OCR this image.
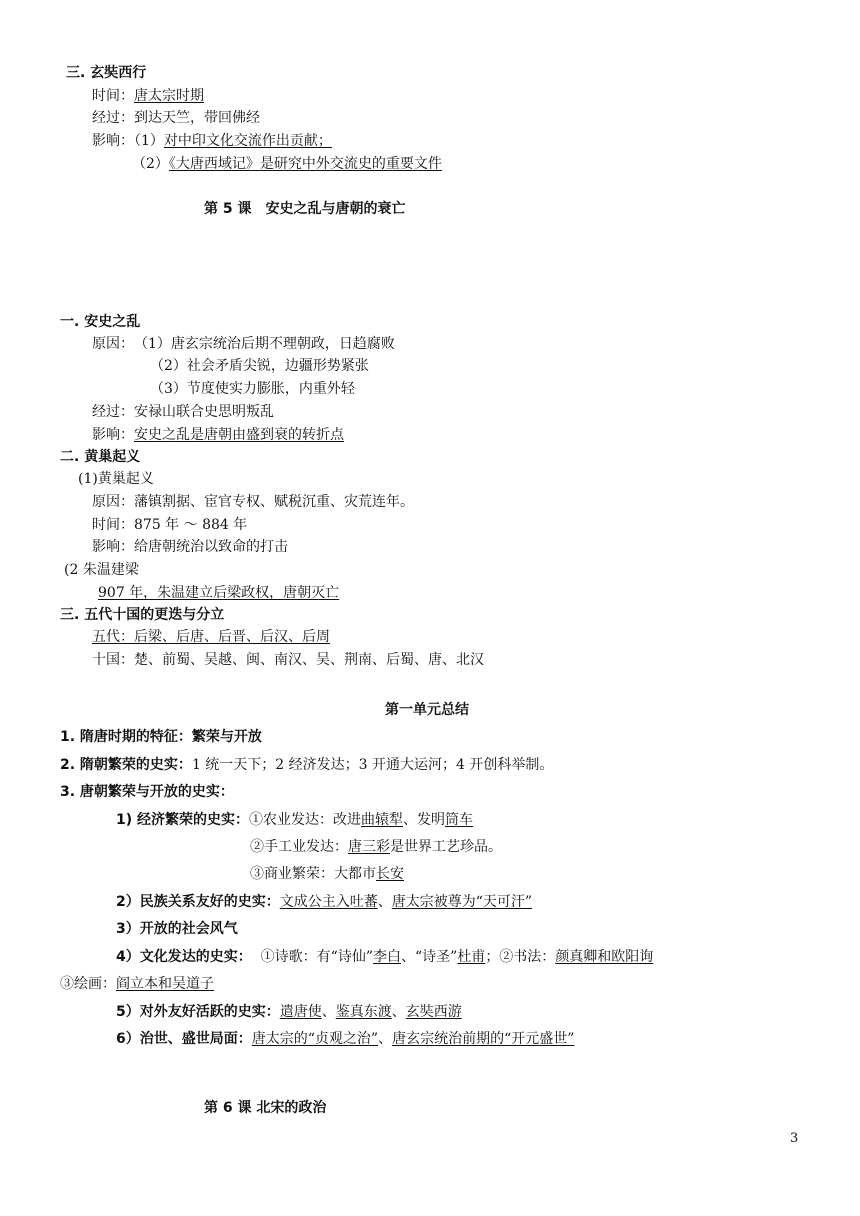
三. 玄奘西行
时间：唐太宗时期
经过：到达天竺，带回佛经
影响：（1）对中印文化交流作出贡献；
（2）《大唐西域记》是研究中外交流史的重要文件
第 5 课　安史之乱与唐朝的衰亡
一. 安史之乱
原因：　（1）唐玄宗统治后期不理朝政，日趋腐败
（2）社会矛盾尖锐，边疆形势紧张
（3）节度使实力膨胀，内重外轻
经过：安禄山联合史思明叛乱
影响：安史之乱是唐朝由盛到衰的转折点
二. 黄巢起义
(1)黄巢起义
原因：藩镇割据、宦官专权、赋税沉重、灾荒连年。
时间：875 年 ～ 884 年
影响：给唐朝统治以致命的打击
(2 朱温建梁
907 年，朱温建立后梁政权，唐朝灭亡
三. 五代十国的更迭与分立
五代：后梁、后唐、后晋、后汉、后周
十国：楚、前蜀、吴越、闽、南汉、吴、荆南、后蜀、唐、北汉
第一单元总结
1. 隋唐时期的特征：繁荣与开放
2. 隋朝繁荣的史实：1 统一天下；2 经济发达；3 开通大运河；4 开创科举制。
3. 唐朝繁荣与开放的史实：
1) 经济繁荣的史实：①农业发达：改进曲辕犁、发明筒车
②手工业发达：唐三彩是世界工艺珍品。
③商业繁荣：大都市长安
2）民族关系友好的史实：文成公主入吐蕃、唐太宗被尊为“天可汗”
3）开放的社会风气
4）文化发达的史实： ①诗歌：有“诗仙”李白、“诗圣”杜甫；②书法：颜真卿和欧阳询
③绘画：阎立本和吴道子
5）对外友好活跃的史实：遣唐使、鉴真东渡、玄奘西游
6）治世、盛世局面：唐太宗的“贞观之治”、唐玄宗统治前期的“开元盛世”
第 6 课 北宋的政治
3
